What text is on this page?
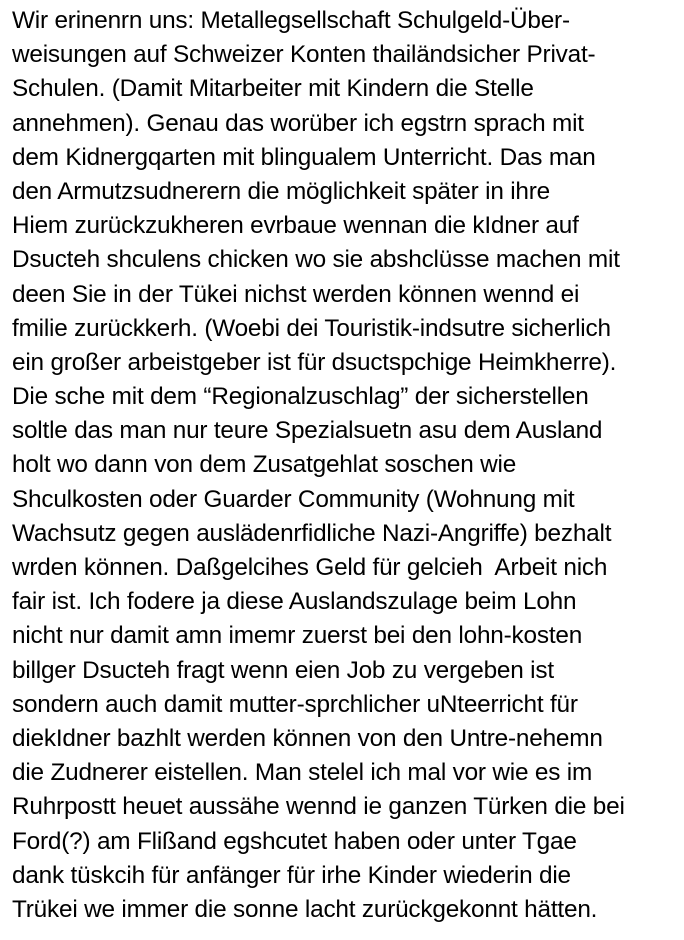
Wir erinenrn uns: Metallegsellschaft Schulgeld-Über-
weisungen auf Schweizer Konten thailändsicher Privat-
Schulen. (Damit Mitarbeiter mit Kindern die Stelle
annehmen). Genau das worüber ich egstrn sprach mit
dem Kidnergqarten mit blingualem Unterricht. Das man
den Armutzsudnerern die möglichkeit später in ihre
Hiem zurückzukheren evrbaue wennan die kIdner auf
Dsucteh shculens chicken wo sie abshclüsse machen mit
deen Sie in der Tükei nichst werden können wennd ei
fmilie zurückkerh. (Woebi dei Touristik-indsutre sicherlich
ein großer arbeistgeber ist für dsuctspchige Heimkherre).
Die sche mit dem “Regionalzuschlag” der sicherstellen
soltle das man nur teure Spezialsuetn asu dem Ausland
holt wo dann von dem Zusatgehlat soschen wie
Shculkosten oder Guarder Community (Wohnung mit
Wachsutz gegen auslädenrfidliche Nazi-Angriffe) bezhalt
wrden können. Daßgelcihes Geld für gelcieh  Arbeit nich
fair ist. Ich fodere ja diese Auslandszulage beim Lohn
nicht nur damit amn imemr zuerst bei den lohn-kosten
billger Dsucteh fragt wenn eien Job zu vergeben ist
sondern auch damit mutter-sprchlicher uNteerricht für
diekIdner bazhlt werden können von den Untre-nehemn
die Zudnerer eistellen. Man stelel ich mal vor wie es im
Ruhrpostt heuet aussähe wennd ie ganzen Türken die bei
Ford(?) am Flißand egshcutet haben oder unter Tgae
dank tüskcih für anfänger für irhe Kinder wiederin die
Trükei we immer die sonne lacht zurückgekonnt hätten.
